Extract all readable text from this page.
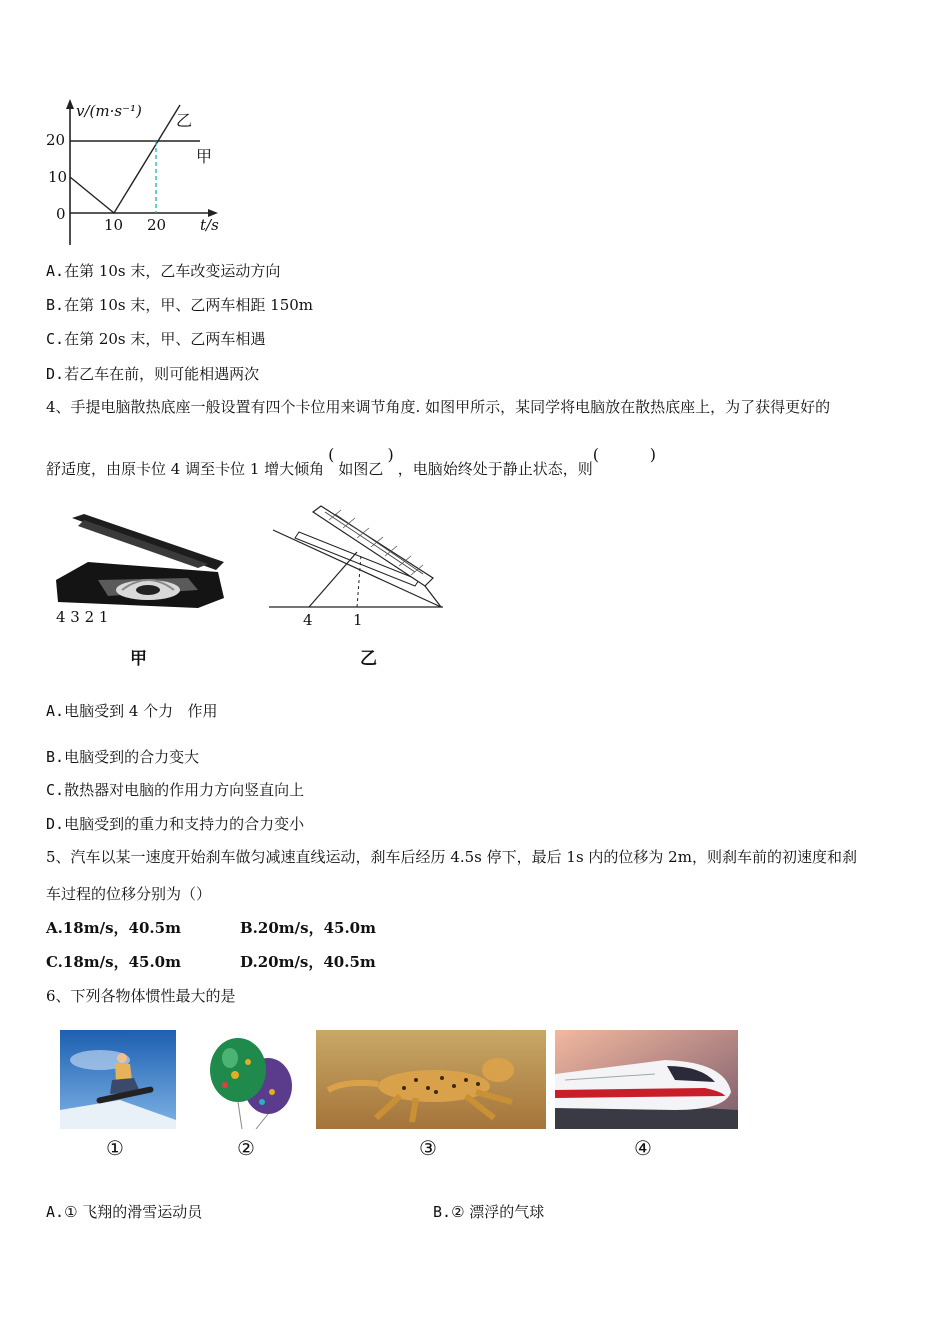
v/(m·s⁻¹) 乙
甲
20
10
0
10 20 t/s
A.在第 10s 末，乙车改变运动方向
B.在第 10s 末，甲、乙两车相距 150m
C.在第 20s 末，甲、乙两车相遇
D.若乙车在前，则可能相遇两次
4、手提电脑散热底座一般设置有四个卡位用来调节角度. 如图甲所示，某同学将电脑放在散热底座上，为了获得更好的
舒适度，由原卡位 4 调至卡位 1 增大倾角(如图乙)，电脑始终处于静止状态，则(          )
4 3 2 1
甲
4	1
乙
A.电脑受到 4 个力   作用
B.电脑受到的合力变大
C.散热器对电脑的作用力方向竖直向上
D.电脑受到的重力和支持力的合力变小
5、汽车以某一速度开始刹车做匀减速直线运动，刹车后经历 4.5s 停下，最后 1s 内的位移为 2m，则刹车前的初速度和刹
车过程的位移分别为（）
A.18m/s，40.5m	B.20m/s，45.0m
C.18m/s，45.0m	D.20m/s，40.5m
6、下列各物体惯性最大的是
①	②	③	④
A.① 飞翔的滑雪运动员	B.② 漂浮的气球
